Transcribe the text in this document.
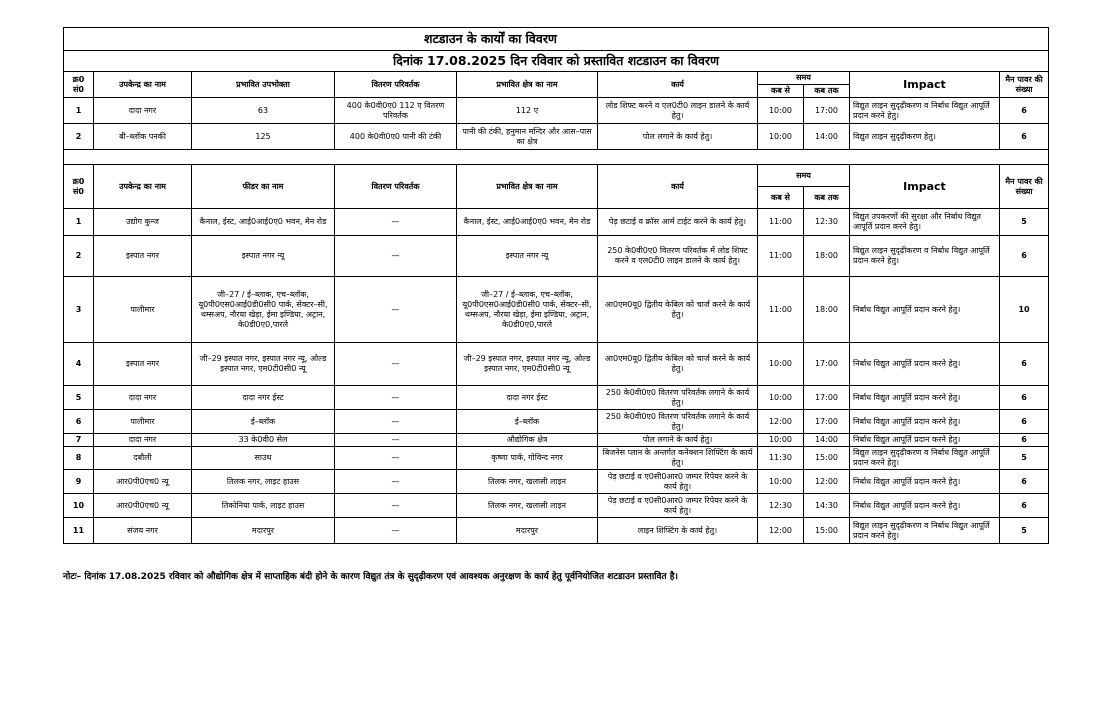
शटडाउन के कार्यों का विवरण									
दिनांक 17.08.2025 दिन रविवार को प्रस्तावित शटडाउन का विवरण									
क्र0 सं0	उपकेन्द्र का नाम	प्रभावित उपभोक्ता	वितरण परिवर्तक	प्रभावित क्षेत्र का नाम	कार्य	समय		Impact	मैन पावर की संख्या
						कब से	कब तक		
1	दादा नगर	63	400 के0वी0ए0 112 ए वितरण परिवर्तक	112 ए	लोड शिफ्ट करने व एल0टी0 लाइन डालने के कार्य हेतु।	10:00	17:00	विद्युत लाइन सुदृढ़ीकरण व निर्बाध विद्युत आपूर्ति प्रदान करने हेतु।	6
2	बी–ब्लॉक पनकी	125	400 के0वी0ए0 पानी की टंकी	पानी की टंकी, हनुमान मन्दिर और आस–पास का क्षेत्र	पोल लगाने के कार्य हेतु।	10:00	14:00	विद्युत लाइन सुदृढ़ीकरण हेतु।	6

क्र0 सं0	उपकेन्द्र का नाम	फीडर का नाम	वितरण परिवर्तक	प्रभावित क्षेत्र का नाम	कार्य	समय		Impact	मैन पावर की संख्या
						कब से	कब तक		
1	उद्योग कुन्ज	कैनाल, ईस्ट, आई0आई0ए0 भवन, मेन रोड	—	कैनाल, ईस्ट, आई0आई0ए0 भवन, मेन रोड	पेड़ छटाई व क्रॉस आर्म टाईट करने के कार्य हेतु।	11:00	12:30	विद्युत उपकरणों की सुरक्षा और निर्बाध विद्युत आपूर्ति प्रदान करने हेतु।	5
2	इस्पात नगर	इस्पात नगर न्यू	—	इस्पात नगर न्यू	250 के0वी0ए0 वितरण परिवर्तक में लोड शिफ्ट करने व एल0टी0 लाइन डालने के कार्य हेतु।	11:00	18:00	विद्युत लाइन सुदृढ़ीकरण व निर्बाध विद्युत आपूर्ति प्रदान करने हेतु।	6
3	पालीमार	जी–27 / ई–ब्लाक, एच–ब्लॉक, यू0पी0एस0आई0डी0सी0 पार्क, सेक्टर–सी, थम्सअप, नौरया खेड़ा, ईमा इण्डिया, अट्रान, के0डी0ए0,पारले	—	जी–27 / ई–ब्लाक, एच–ब्लॉक, यू0पी0एस0आई0डी0सी0 पार्क, सेक्टर–सी, थम्सअप, नौरया खेड़ा, ईमा इण्डिया, अट्रान, के0डी0ए0,पारले	आ0एम0यू0 द्वितीय केबिल को चार्ज करने के कार्य हेतु।	11:00	18:00	निर्बाध विद्युत आपूर्ति प्रदान करने हेतु।	10
4	इस्पात नगर	जी–29 इस्पात नगर, इस्पात नगर न्यू, ओल्ड इस्पात नगर, एम0टी0सी0 न्यू	—	जी–29 इस्पात नगर, इस्पात नगर न्यू, ओल्ड इस्पात नगर, एम0टी0सी0 न्यू	आ0एम0यू0 द्वितीय केबिल को चार्ज करने के कार्य हेतु।	10:00	17:00	निर्बाध विद्युत आपूर्ति प्रदान करने हेतु।	6
5	दादा नगर	दादा नगर ईस्ट	—	दादा नगर ईस्ट	250 के0वी0ए0 वितरण परिवर्तक लगाने के कार्य हेतु।	10:00	17:00	निर्बाध विद्युत आपूर्ति प्रदान करने हेतु।	6
6	पालीमार	ई–ब्लॉक	—	ई–ब्लॉक	250 के0वी0ए0 वितरण परिवर्तक लगाने के कार्य हेतु।	12:00	17:00	निर्बाध विद्युत आपूर्ति प्रदान करने हेतु।	6
7	दादा नगर	33 के0वी0 सेल	—	औद्योगिक क्षेत्र	पोल लगाने के कार्य हेतु।	10:00	14:00	निर्बाध विद्युत आपूर्ति प्रदान करने हेतु।	6
8	दबौली	साउथ	—	कृष्णा पार्क, गोविन्द नगर	बिजनेस प्लान के अन्तर्गत कनेक्शन शिफ्टिंग के कार्य हेतु।	11:30	15:00	विद्युत लाइन सुदृढ़ीकरण व निर्बाध विद्युत आपूर्ति प्रदान करने हेतु।	5
9	आर0पी0एच0 न्यू	तिलक नगर, लाइट हाउस	—	तिलक नगर, खलासी लाइन	पेड़ छटाई व ए0सी0आर0 जम्पर रिपेयर करने के कार्य हेतु।	10:00	12:00	निर्बाध विद्युत आपूर्ति प्रदान करने हेतु।	6
10	आर0पी0एच0 न्यू	तिकोनिया पार्क, लाइट हाउस	—	तिलक नगर, खलासी लाइन	पेड़ छटाई व ए0सी0आर0 जम्पर रिपेयर करने के कार्य हेतु।	12:30	14:30	निर्बाध विद्युत आपूर्ति प्रदान करने हेतु।	6
11	संजय नगर	मदारपुर	—	मदारपुर	लाइन शिफ्टिंग के कार्य हेतु।	12:00	15:00	विद्युत लाइन सुदृढ़ीकरण व निर्बाध विद्युत आपूर्ति प्रदान करने हेतु।	5
नोटः– दिनांक 17.08.2025 रविवार को औद्योगिक क्षेत्र में साप्ताहिक बंदी होने के कारण विद्युत तंत्र के सुदृढ़ीकरण एवं आवश्यक अनुरक्षण के कार्य हेतु पूर्वनियोजित शटडाउन प्रस्तावित है।
